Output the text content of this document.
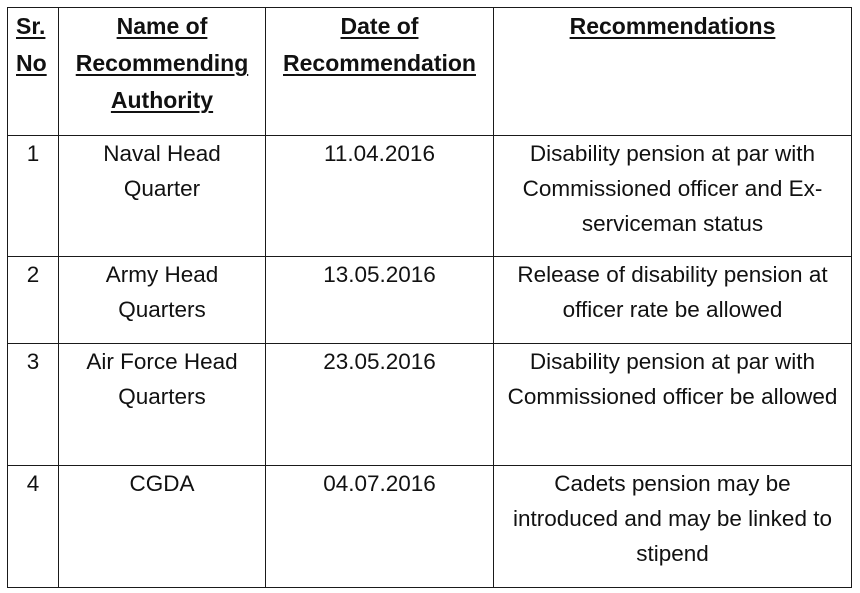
Sr. No	Name of Recommending Authority	Date of Recommendation	Recommendations
1	Naval Head Quarter	11.04.2016	Disability pension at par with Commissioned officer and Ex-serviceman status
2	Army Head Quarters	13.05.2016	Release of disability pension at officer rate be allowed
3	Air Force Head Quarters	23.05.2016	Disability pension at par with Commissioned officer be allowed
4	CGDA	04.07.2016	Cadets pension may be introduced and may be linked to stipend
